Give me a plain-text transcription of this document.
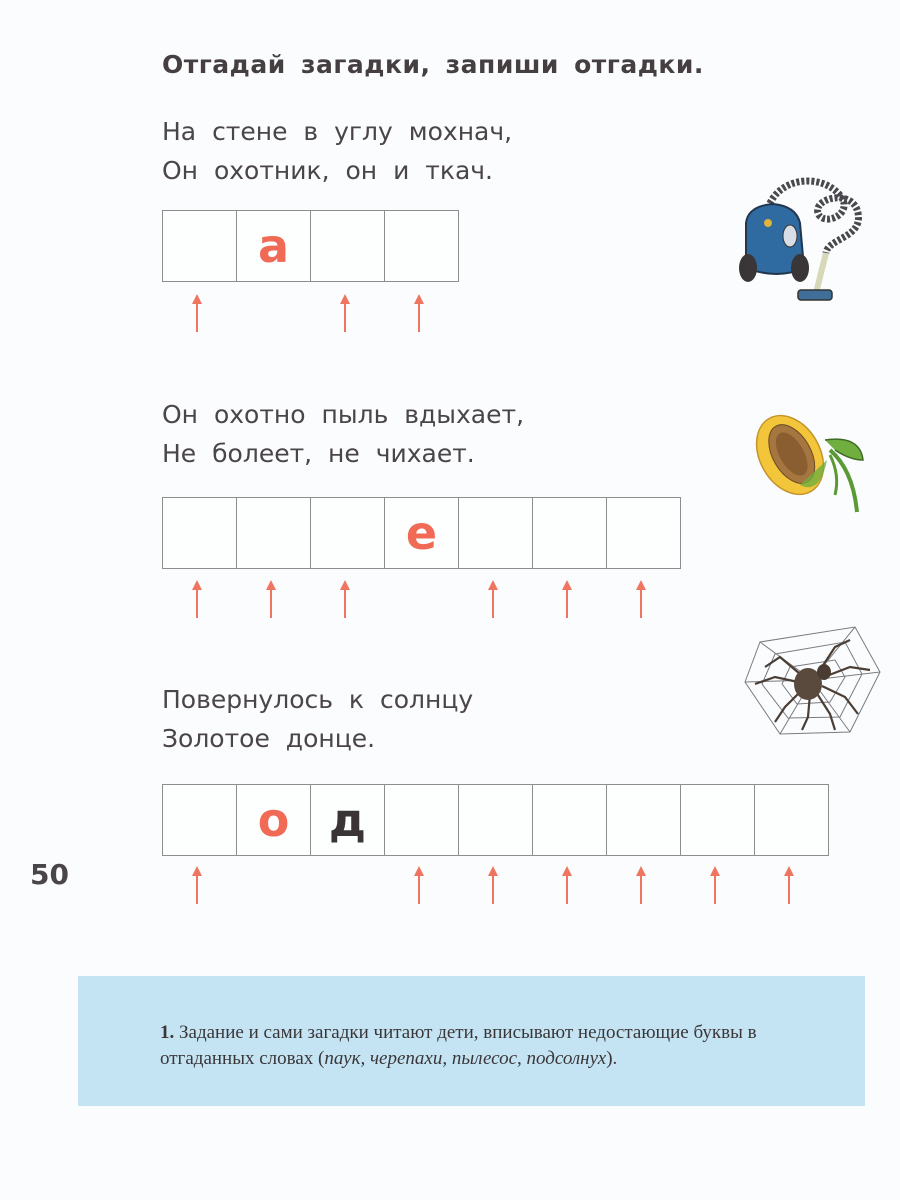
Отгадай загадки, запиши отгадки.
На стене в углу мохнач,
Он охотник, он и ткач.
а
Он охотно пыль вдыхает,
Не болеет, не чихает.
е
Повернулось к солнцу
Золотое донце.
о д
50
1. Задание и сами загадки читают дети, вписывают недостающие буквы в отгаданных словах (паук, черепахи, пылесос, подсолнух).
